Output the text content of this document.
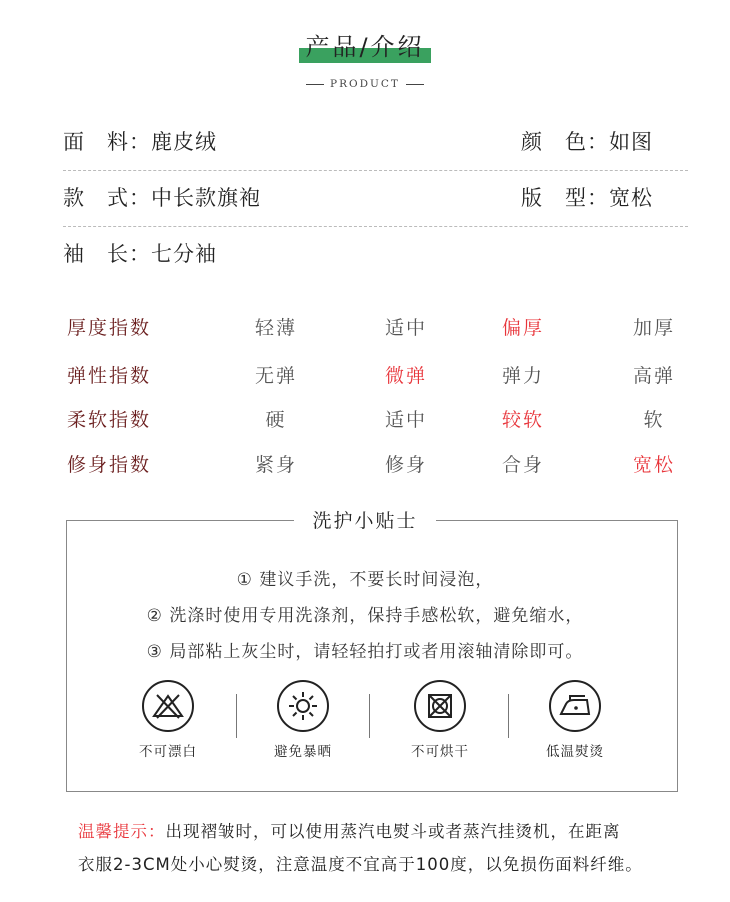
产品/介绍
PRODUCT
面　料：鹿皮绒	颜　色：如图
款　式：中长款旗袍	版　型：宽松
袖　长：七分袖
厚度指数	轻薄	适中	偏厚	加厚
弹性指数	无弹	微弹	弹力	高弹
柔软指数	硬	适中	较软	软
修身指数	紧身	修身	合身	宽松
洗护小贴士
① 建议手洗，不要长时间浸泡，
② 洗涤时使用专用洗涤剂，保持手感松软，避免缩水，
③ 局部粘上灰尘时，请轻轻拍打或者用滚轴清除即可。
不可漂白	避免暴晒	不可烘干	低温熨烫
温馨提示：出现褶皱时，可以使用蒸汽电熨斗或者蒸汽挂烫机，在距离
衣服2-3CM处小心熨烫，注意温度不宜高于100度，以免损伤面料纤维。
